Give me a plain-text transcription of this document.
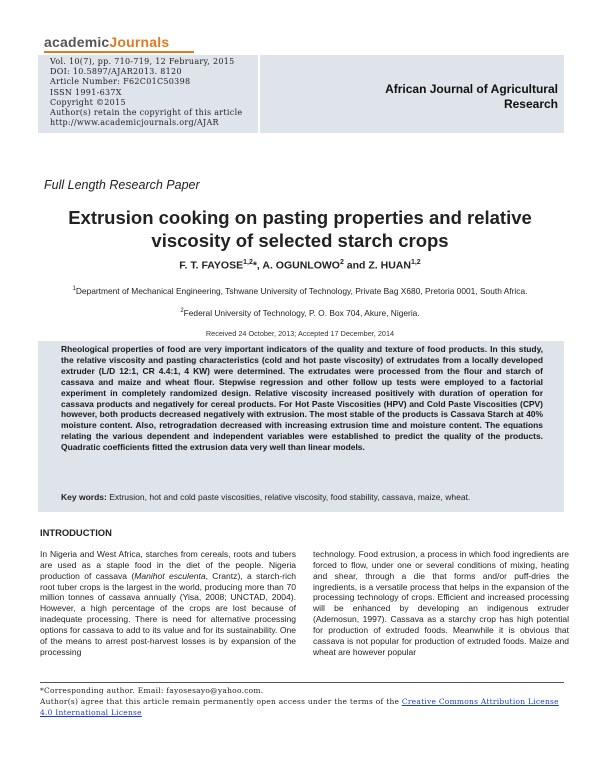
academicJournals
Vol. 10(7), pp. 710-719, 12 February, 2015
DOI: 10.5897/AJAR2013. 8120
Article Number: F62C01C50398
ISSN 1991-637X
Copyright ©2015
Author(s) retain the copyright of this article
http://www.academicjournals.org/AJAR
African Journal of Agricultural
Research
Full Length Research Paper
Extrusion cooking on pasting properties and relative
viscosity of selected starch crops
F. T. FAYOSE$^{1,2}$*, A. OGUNLOWO$^2$ and Z. HUAN$^{1,2}$
$^1$Department of Mechanical Engineering, Tshwane University of Technology, Private Bag X680, Pretoria 0001, South Africa.
$^2$Federal University of Technology, P. O. Box 704, Akure, Nigeria.
Received 24 October, 2013; Accepted 17 December, 2014
Rheological properties of food are very important indicators of the quality and texture of food products. In this study, the relative viscosity and pasting characteristics (cold and hot paste viscosity) of extrudates from a locally developed extruder (L/D 12:1, CR 4.4:1, 4 KW) were determined. The extrudates were processed from the flour and starch of cassava and maize and wheat flour. Stepwise regression and other follow up tests were employed to a factorial experiment in completely randomized design. Relative viscosity increased positively with duration of operation for cassava products and negatively for cereal products. For Hot Paste Viscosities (HPV) and Cold Paste Viscosities (CPV) however, both products decreased negatively with extrusion. The most stable of the products is Cassava Starch at 40% moisture content. Also, retrogradation decreased with increasing extrusion time and moisture content. The equations relating the various dependent and independent variables were established to predict the quality of the products. Quadratic coefficients fitted the extrusion data very well than linear models.
Key words: Extrusion, hot and cold paste viscosities, relative viscosity, food stability, cassava, maize, wheat.
INTRODUCTION
In Nigeria and West Africa, starches from cereals, roots and tubers are used as a staple food in the diet of the people. Nigeria production of cassava (Manihot esculenta, Crantz), a starch-rich root tuber crops is the largest in the world, producing more than 70 million tonnes of cassava annually (Yisa, 2008; UNCTAD, 2004). However, a high percentage of the crops are lost because of inadequate processing. There is need for alternative processing options for cassava to add to its value and for its sustainability. One of the means to arrest post-harvest losses is by expansion of the processing
technology. Food extrusion, a process in which food ingredients are forced to flow, under one or several conditions of mixing, heating and shear, through a die that forms and/or puff-dries the ingredients, is a versatile process that helps in the expansion of the processing technology of crops. Efficient and increased processing will be enhanced by developing an indigenous extruder (Ademosun, 1997). Cassava as a starchy crop has high potential for production of extruded foods. Meanwhile it is obvious that cassava is not popular for production of extruded foods. Maize and wheat are however popular
*Corresponding author. Email: fayosesayo@yahoo.com.
Author(s) agree that this article remain permanently open access under the terms of the Creative Commons Attribution License 4.0 International License
